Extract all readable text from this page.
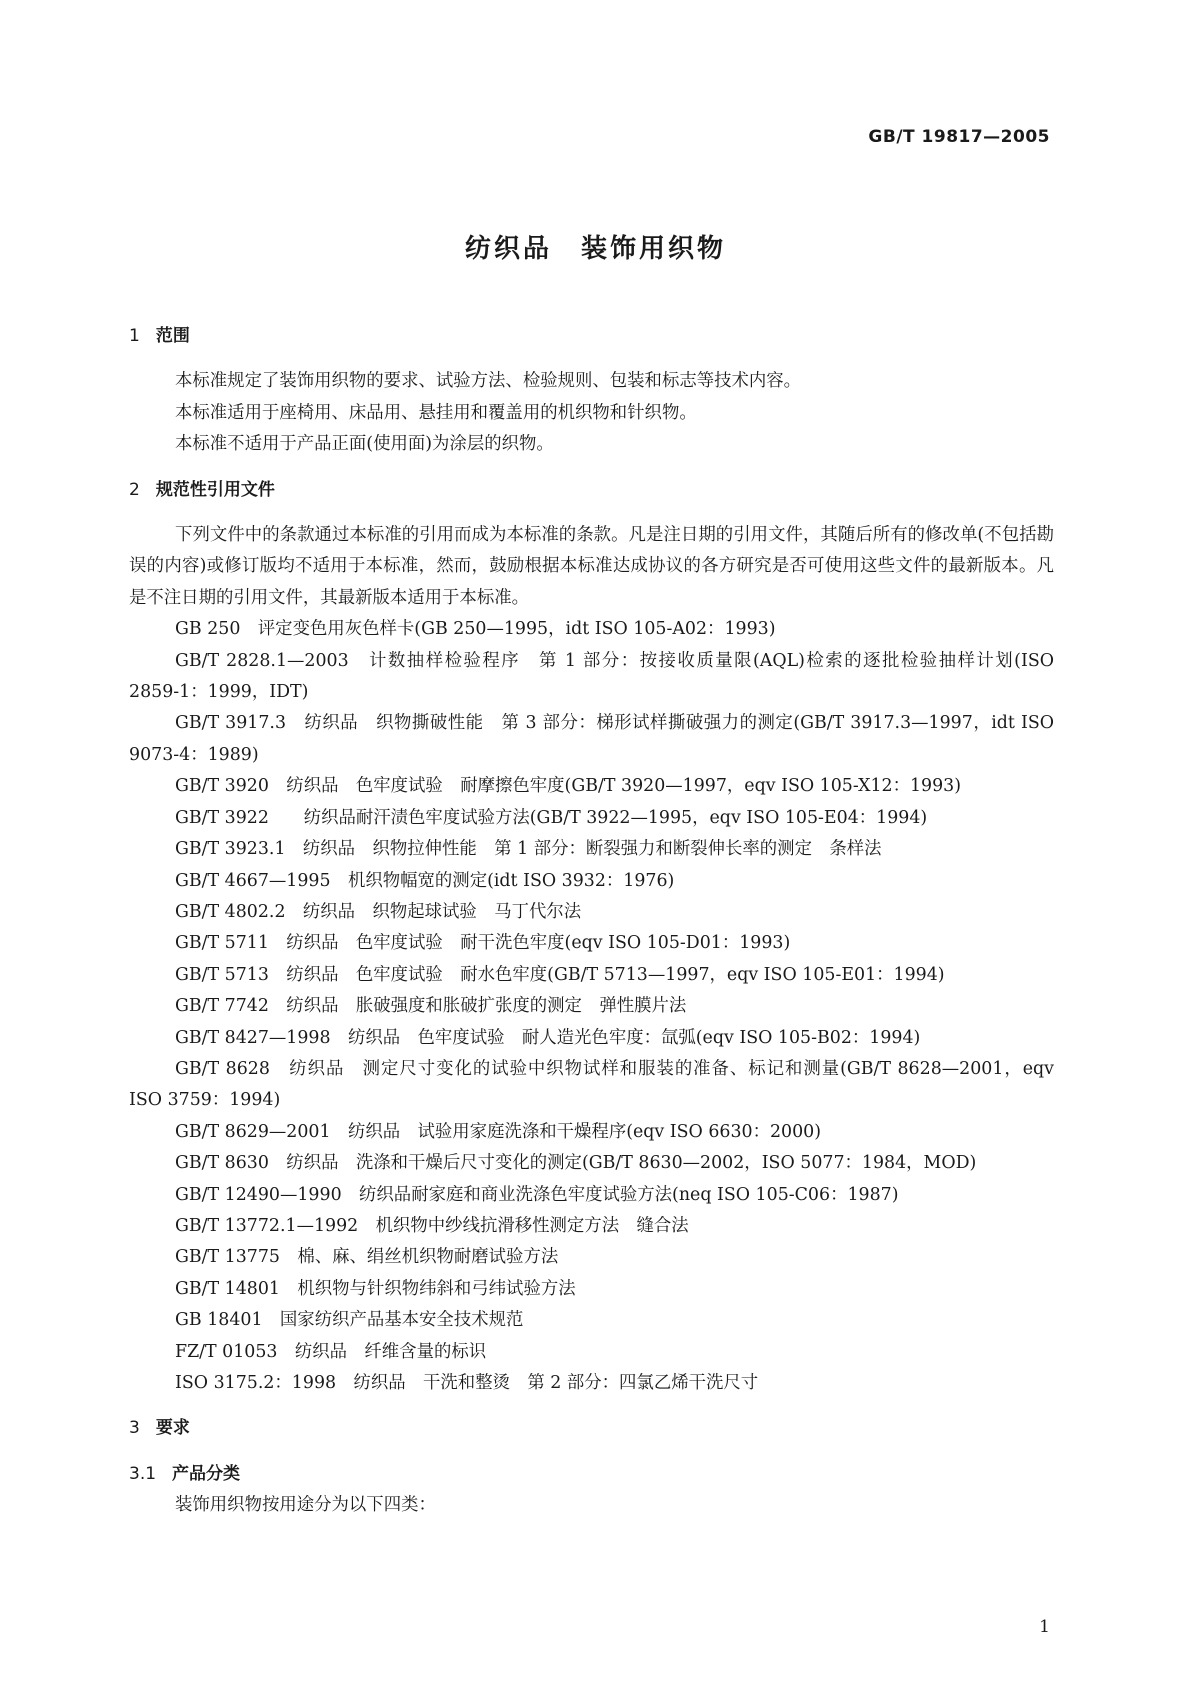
GB/T 19817—2005
纺织品　装饰用织物
1 范围
本标准规定了装饰用织物的要求、试验方法、检验规则、包装和标志等技术内容。
本标准适用于座椅用、床品用、悬挂用和覆盖用的机织物和针织物。
本标准不适用于产品正面(使用面)为涂层的织物。
2 规范性引用文件
下列文件中的条款通过本标准的引用而成为本标准的条款。凡是注日期的引用文件，其随后所有的修改单(不包括勘误的内容)或修订版均不适用于本标准，然而，鼓励根据本标准达成协议的各方研究是否可使用这些文件的最新版本。凡是不注日期的引用文件，其最新版本适用于本标准。
GB 250　评定变色用灰色样卡(GB 250—1995，idt ISO 105-A02：1993)
GB/T 2828.1—2003　计数抽样检验程序　第 1 部分：按接收质量限(AQL)检索的逐批检验抽样计划(ISO 2859-1：1999，IDT)
GB/T 3917.3　纺织品　织物撕破性能　第 3 部分：梯形试样撕破强力的测定(GB/T 3917.3—1997，idt ISO 9073-4：1989)
GB/T 3920　纺织品　色牢度试验　耐摩擦色牢度(GB/T 3920—1997，eqv ISO 105-X12：1993)
GB/T 3922　　纺织品耐汗渍色牢度试验方法(GB/T 3922—1995，eqv ISO 105-E04：1994)
GB/T 3923.1　纺织品　织物拉伸性能　第 1 部分：断裂强力和断裂伸长率的测定　条样法
GB/T 4667—1995　机织物幅宽的测定(idt ISO 3932：1976)
GB/T 4802.2　纺织品　织物起球试验　马丁代尔法
GB/T 5711　纺织品　色牢度试验　耐干洗色牢度(eqv ISO 105-D01：1993)
GB/T 5713　纺织品　色牢度试验　耐水色牢度(GB/T 5713—1997，eqv ISO 105-E01：1994)
GB/T 7742　纺织品　胀破强度和胀破扩张度的测定　弹性膜片法
GB/T 8427—1998　纺织品　色牢度试验　耐人造光色牢度：氙弧(eqv ISO 105-B02：1994)
GB/T 8628　纺织品　测定尺寸变化的试验中织物试样和服装的准备、标记和测量(GB/T 8628—2001，eqv ISO 3759：1994)
GB/T 8629—2001　纺织品　试验用家庭洗涤和干燥程序(eqv ISO 6630：2000)
GB/T 8630　纺织品　洗涤和干燥后尺寸变化的测定(GB/T 8630—2002，ISO 5077：1984，MOD)
GB/T 12490—1990　纺织品耐家庭和商业洗涤色牢度试验方法(neq ISO 105-C06：1987)
GB/T 13772.1—1992　机织物中纱线抗滑移性测定方法　缝合法
GB/T 13775　棉、麻、绢丝机织物耐磨试验方法
GB/T 14801　机织物与针织物纬斜和弓纬试验方法
GB 18401　国家纺织产品基本安全技术规范
FZ/T 01053　纺织品　纤维含量的标识
ISO 3175.2：1998　纺织品　干洗和整烫　第 2 部分：四氯乙烯干洗尺寸
3 要求
3.1 产品分类
装饰用织物按用途分为以下四类：
1
